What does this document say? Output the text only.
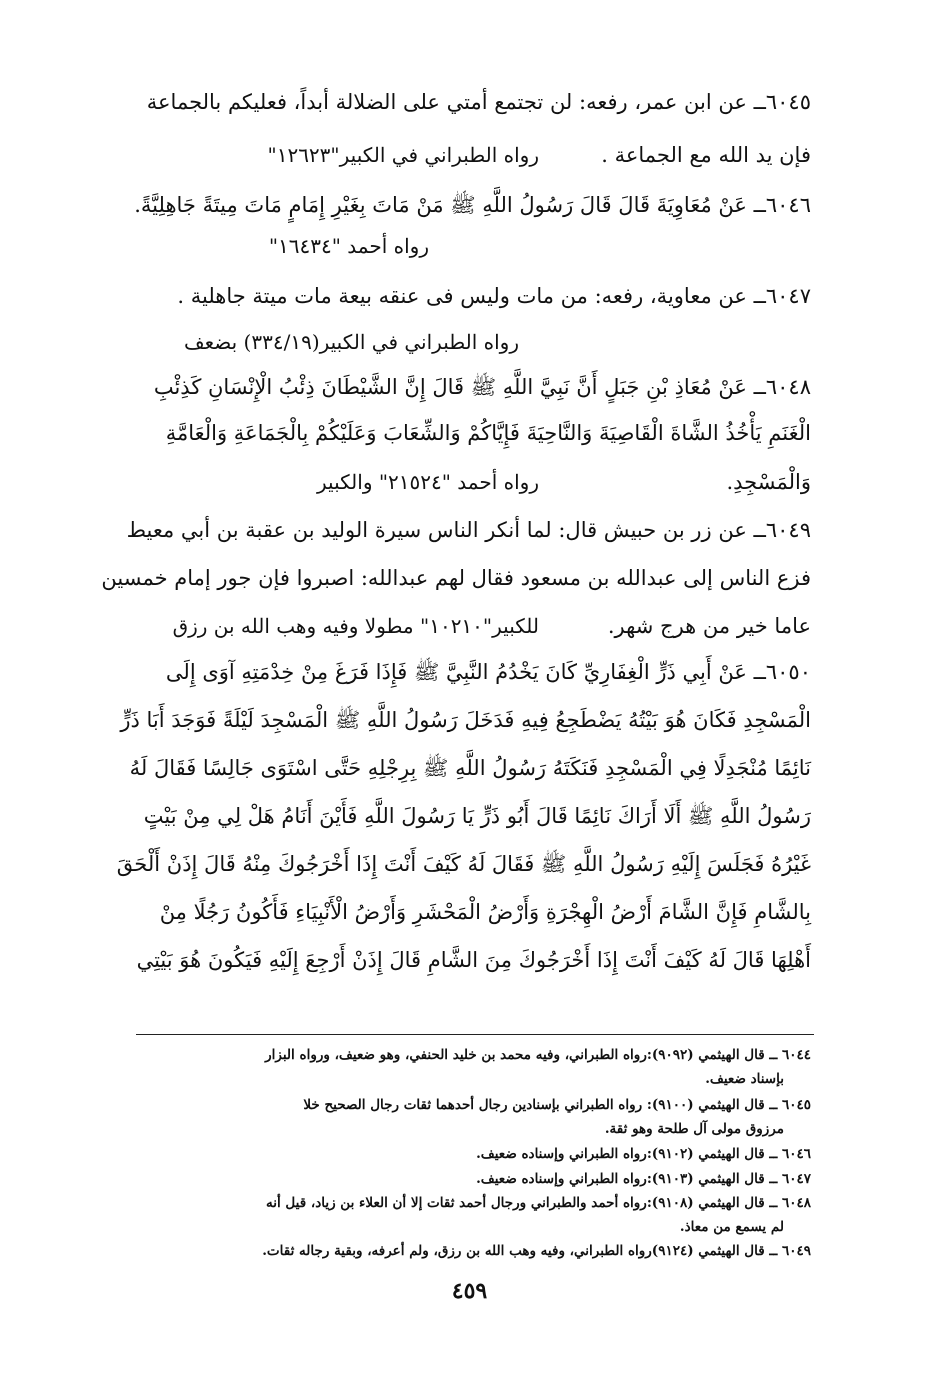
٦٠٤٥ــ عن ابن عمر، رفعه: لن تجتمع أمتي على الضلالة أبداً، فعليكم بالجماعة
فإن يد الله مع الجماعة .
رواه الطبراني في الكبير"١٢٦٢٣"
٦٠٤٦ــ عَنْ مُعَاوِيَةَ قَالَ قَالَ رَسُولُ اللَّهِ ﷺ مَنْ مَاتَ بِغَيْرِ إِمَامٍ مَاتَ مِيتَةً جَاهِلِيَّةً.
رواه أحمد "١٦٤٣٤"
٦٠٤٧ــ عن معاوية، رفعه: من مات وليس فى عنقه بيعة مات ميتة جاهلية .
رواه الطبراني في الكبير(٣٣٤/١٩) بضعف
٦٠٤٨ــ عَنْ مُعَاذِ بْنِ جَبَلٍ أَنَّ نَبِيَّ اللَّهِ ﷺ قَالَ إِنَّ الشَّيْطَانَ ذِئْبُ الْإِنْسَانِ كَذِئْبِ
الْغَنَمِ يَأْخُذُ الشَّاةَ الْقَاصِيَةَ وَالنَّاحِيَةَ فَإِيَّاكُمْ وَالشِّعَابَ وَعَلَيْكُمْ بِالْجَمَاعَةِ وَالْعَامَّةِ
وَالْمَسْجِدِ.
رواه أحمد "٢١٥٢٤" والكبير
٦٠٤٩ــ عن زر بن حبيش قال: لما أنكر الناس سيرة الوليد بن عقبة بن أبي معيط
فزع الناس إلى عبدالله بن مسعود فقال لهم عبدالله: اصبروا فإن جور إمام خمسين
عاما خير من هرج شهر.
للكبير"١٠٢١٠" مطولا وفيه وهب الله بن رزق
٦٠٥٠ــ عَنْ أَبِي ذَرٍّ الْغِفَارِيِّ كَانَ يَخْدُمُ النَّبِيَّ ﷺ فَإِذَا فَرَغَ مِنْ خِدْمَتِهِ آوَى إِلَى
الْمَسْجِدِ فَكَانَ هُوَ بَيْتُهُ يَضْطَجِعُ فِيهِ فَدَخَلَ رَسُولُ اللَّهِ ﷺ الْمَسْجِدَ لَيْلَةً فَوَجَدَ أَبَا ذَرٍّ
نَائِمًا مُنْجَدِلًا فِي الْمَسْجِدِ فَنَكَتَهُ رَسُولُ اللَّهِ ﷺ بِرِجْلِهِ حَتَّى اسْتَوَى جَالِسًا فَقَالَ لَهُ
رَسُولُ اللَّهِ ﷺ أَلَا أَرَاكَ نَائِمًا قَالَ أَبُو ذَرٍّ يَا رَسُولَ اللَّهِ فَأَيْنَ أَنَامُ هَلْ لِي مِنْ بَيْتٍ
غَيْرُهُ فَجَلَسَ إِلَيْهِ رَسُولُ اللَّهِ ﷺ فَقَالَ لَهُ كَيْفَ أَنْتَ إِذَا أَخْرَجُوكَ مِنْهُ قَالَ إِذَنْ أَلْحَقَ
بِالشَّامِ فَإِنَّ الشَّامَ أَرْضُ الْهِجْرَةِ وَأَرْضُ الْمَحْشَرِ وَأَرْضُ الْأَنْبِيَاءِ فَأَكُونُ رَجُلًا مِنْ
أَهْلِهَا قَالَ لَهُ كَيْفَ أَنْتَ إِذَا أَخْرَجُوكَ مِنَ الشَّامِ قَالَ إِذَنْ أَرْجِعَ إِلَيْهِ فَيَكُونَ هُوَ بَيْتِي
٦٠٤٤ ــ قال الهيثمي (٩٠٩٢):رواه الطبراني، وفيه محمد بن خليد الحنفي، وهو ضعيف، ورواه البزار
بإسناد ضعيف.
٦٠٤٥ ــ قال الهيثمي (٩١٠٠): رواه الطبراني بإسنادين رجال أحدهما ثقات رجال الصحيح خلا
مرزوق مولى آل طلحة وهو ثقة.
٦٠٤٦ ــ قال الهيثمي (٩١٠٢):رواه الطبراني وإسناده ضعيف.
٦٠٤٧ ــ قال الهيثمي (٩١٠٣):رواه الطبراني وإسناده ضعيف.
٦٠٤٨ ــ قال الهيثمي (٩١٠٨):رواه أحمد والطبراني ورجال أحمد ثقات إلا أن العلاء بن زياد، قيل أنه
لم يسمع من معاذ.
٦٠٤٩ ــ قال الهيثمي (٩١٢٤)رواه الطبراني، وفيه وهب الله بن رزق، ولم أعرفه، وبقية رجاله ثقات.
٤٥٩
